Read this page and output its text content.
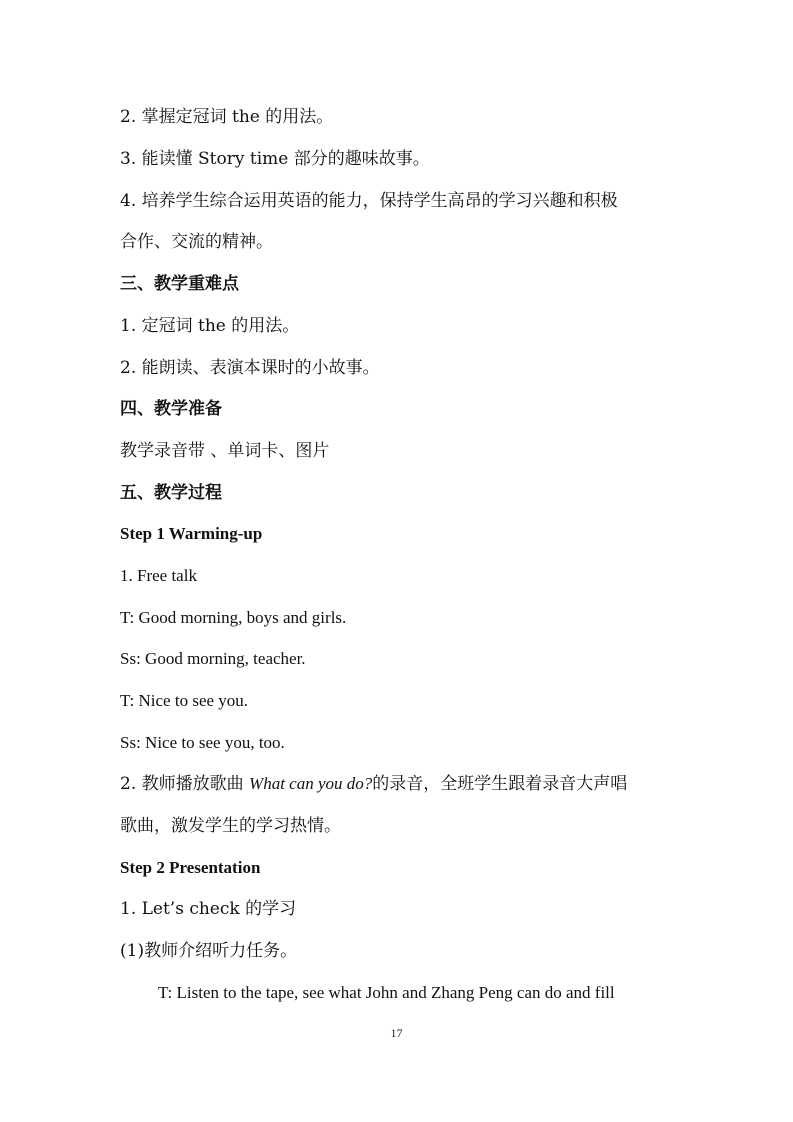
2. 掌握定冠词 the 的用法。

3. 能读懂 Story time 部分的趣味故事。

4. 培养学生综合运用英语的能力，保持学生高昂的学习兴趣和积极

合作、交流的精神。

三、教学重难点

1. 定冠词 the 的用法。

2. 能朗读、表演本课时的小故事。

四、教学准备

教学录音带 、单词卡、图片

五、教学过程

Step 1 Warming-up

1. Free talk

T: Good morning, boys and girls.

Ss: Good morning, teacher.

T: Nice to see you.

Ss: Nice to see you, too.

2. 教师播放歌曲 What can you do?的录音，全班学生跟着录音大声唱

歌曲，激发学生的学习热情。

Step 2 Presentation

1. Let’s check 的学习

(1)教师介绍听力任务。

T: Listen to the tape, see what John and Zhang Peng can do and fill

17
